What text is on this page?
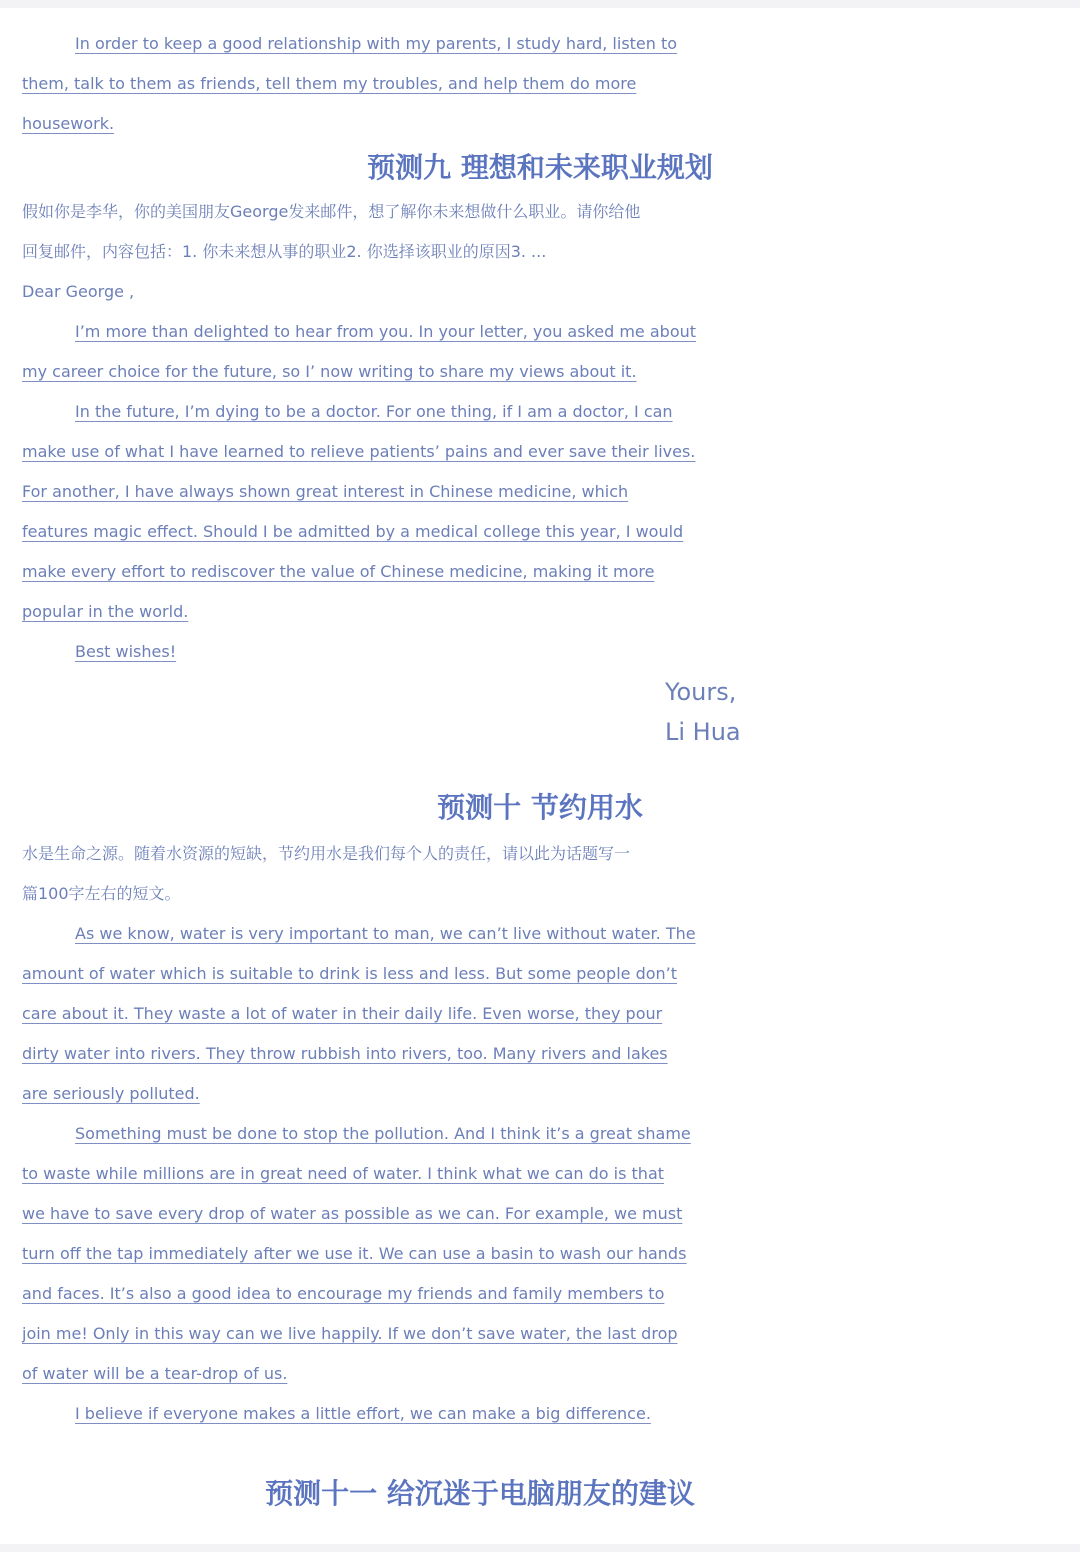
In order to keep a good relationship with my parents, I study hard, listen to
them, talk to them as friends, tell them my troubles, and help them do more
housework.
预测九 理想和未来职业规划
假如你是李华，你的美国朋友George发来邮件，想了解你未来想做什么职业。请你给他
回复邮件，内容包括：1. 你未来想从事的职业2. 你选择该职业的原因3. ...
Dear George ,
I’m more than delighted to hear from you. In your letter, you asked me about
my career choice for the future, so I’ now writing to share my views about it.
In the future, I’m dying to be a doctor. For one thing, if I am a doctor, I can
make use of what I have learned to relieve patients’ pains and ever save their lives.
For another, I have always shown great interest in Chinese medicine, which
features magic effect. Should I be admitted by a medical college this year, I would
make every effort to rediscover the value of Chinese medicine, making it more
popular in the world.
Best wishes!
Yours,
Li Hua
预测十 节约用水
水是生命之源。随着水资源的短缺，节约用水是我们每个人的责任，请以此为话题写一
篇100字左右的短文。
As we know, water is very important to man, we can’t live without water. The
amount of water which is suitable to drink is less and less. But some people don’t
care about it. They waste a lot of water in their daily life. Even worse, they pour
dirty water into rivers. They throw rubbish into rivers, too. Many rivers and lakes
are seriously polluted.
Something must be done to stop the pollution. And I think it’s a great shame
to waste while millions are in great need of water. I think what we can do is that
we have to save every drop of water as possible as we can. For example, we must
turn off the tap immediately after we use it. We can use a basin to wash our hands
and faces. It’s also a good idea to encourage my friends and family members to
join me! Only in this way can we live happily. If we don’t save water, the last drop
of water will be a tear-drop of us.
I believe if everyone makes a little effort, we can make a big difference.
预测十一 给沉迷于电脑朋友的建议
